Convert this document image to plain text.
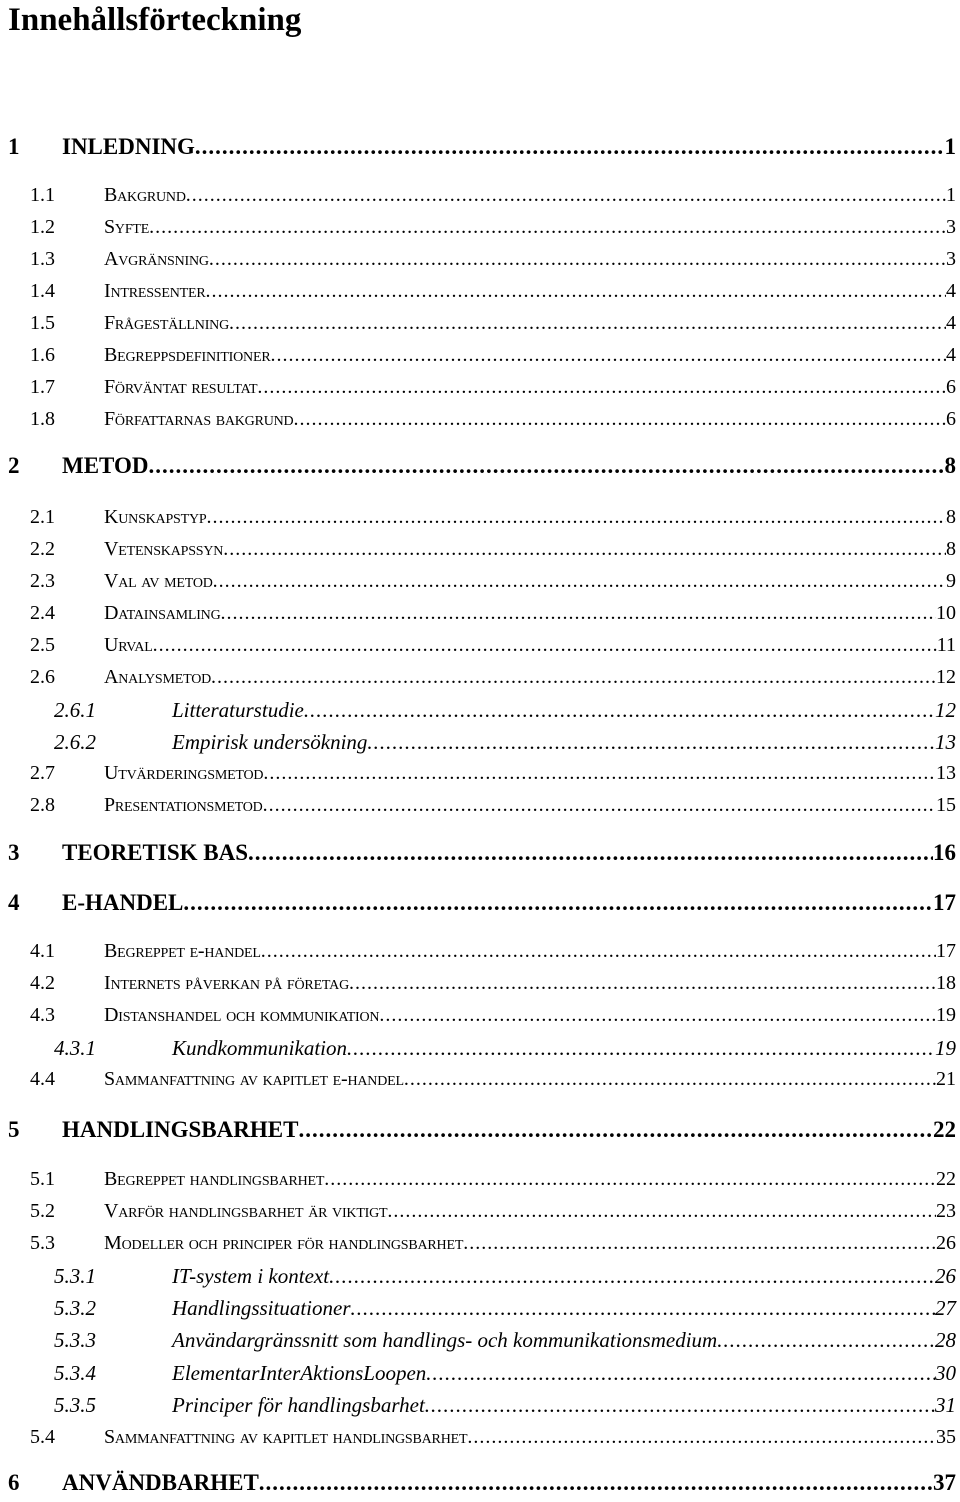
Innehållsförteckning
1 INLEDNING .....	1
1.1 Bakgrund .....	1
1.2 Syfte .....	3
1.3 Avgränsning .....	3
1.4 Intressenter .....	4
1.5 Frågeställning .....	4
1.6 Begreppsdefinitioner .....	4
1.7 Förväntat resultat .....	6
1.8 Författarnas bakgrund .....	6
2 METOD .....	8
2.1 Kunskapstyp .....	8
2.2 Vetenskapssyn .....	8
2.3 Val av metod .....	9
2.4 Datainsamling .....	10
2.5 Urval .....	11
2.6 Analysmetod .....	12
2.6.1	Litteraturstudie .....	12
2.6.2	Empirisk undersökning .....	13
2.7 Utvärderingsmetod .....	13
2.8 Presentationsmetod .....	15
3 TEORETISK BAS .....	16
4 E-HANDEL .....	17
4.1 Begreppet e-handel .....	17
4.2 Internets påverkan på företag .....	18
4.3 Distanshandel och kommunikation .....	19
4.3.1	Kundkommunikation .....	19
4.4 Sammanfattning av kapitlet e-handel .....	21
5 HANDLINGSBARHET .....	22
5.1 Begreppet handlingsbarhet .....	22
5.2 Varför handlingsbarhet är viktigt .....	23
5.3 Modeller och principer för handlingsbarhet .....	26
5.3.1	IT-system i kontext .....	26
5.3.2	Handlingssituationer .....	27
5.3.3	Användargränssnitt som handlings- och kommunikationsmedium .....	28
5.3.4	ElementarInterAktionsLoopen .....	30
5.3.5	Principer för handlingsbarhet .....	31
5.4 Sammanfattning av kapitlet handlingsbarhet .....	35
6 ANVÄNDBARHET .....	37
